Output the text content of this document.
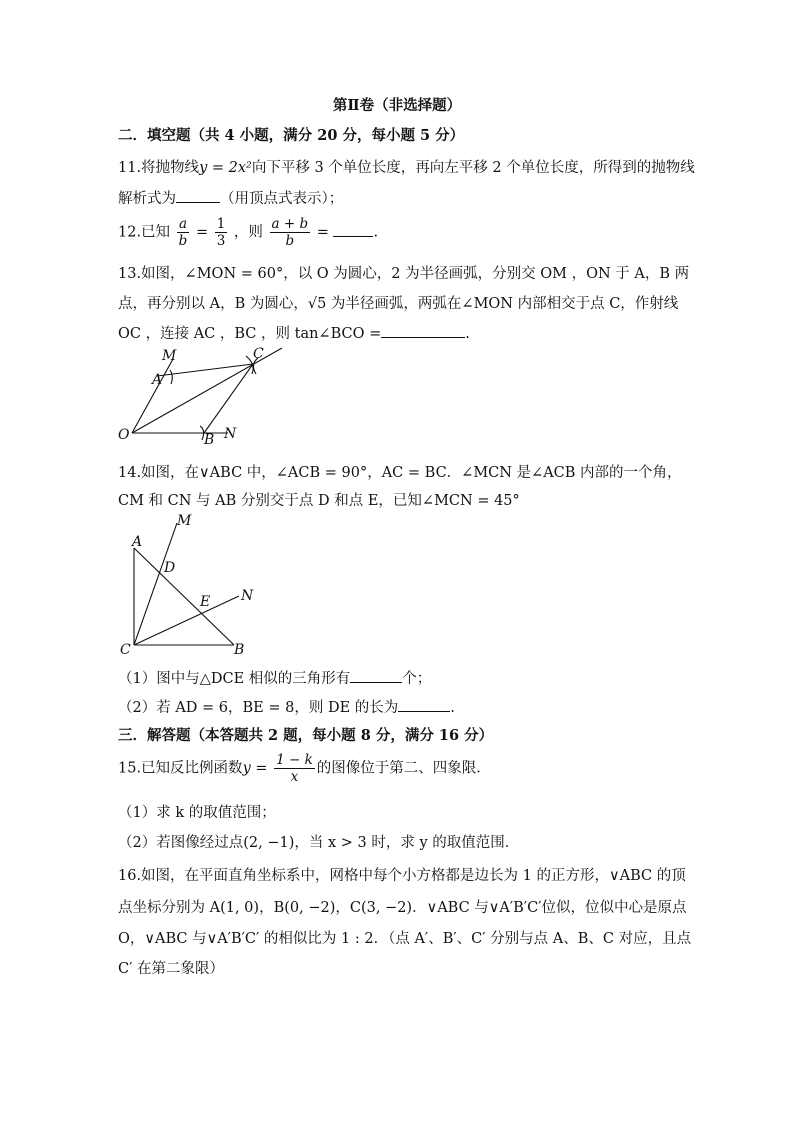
第Ⅱ卷（非选择题）
二．填空题（共 4 小题，满分 20 分，每小题 5 分）
11.将抛物线y = 2x²向下平移 3 个单位长度，再向左平移 2 个单位长度，所得到的抛物线
解析式为	（用顶点式表示）；
12.已知 $\frac{a}{b} = \frac{1}{3}$ ，则 $\frac{a + b}{b}$ =	.
13.如图，∠MON = 60°，以 O 为圆心，2 为半径画弧，分别交 OM ，ON 于 A，B 两
点，再分别以 A，B 为圆心，√5 为半径画弧，两弧在∠MON 内部相交于点 C，作射线
OC ，连接 AC ，BC ，则 tan∠BCO =	.
M	C
A
O	B N
14.如图，在∨ABC 中，∠ACB = 90°，AC = BC．∠MCN 是∠ACB 内部的一个角，
CM 和 CN 与 AB 分别交于点 D 和点 E，已知∠MCN = 45°
M
A
D
E N
C	B
（1）图中与△DCE 相似的三角形有	个；
（2）若 AD = 6，BE = 8，则 DE 的长为	.
三．解答题（本答题共 2 题，每小题 8 分，满分 16 分）
15.已知反比例函数$y = \frac{1 - k}{x}$ 的图像位于第二、四象限．
（1）求 k 的取值范围；
（2）若图像经过点(2, −1)，当 x > 3 时，求 y 的取值范围．
16.如图，在平面直角坐标系中，网格中每个小方格都是边长为 1 的正方形，∨ABC 的顶
点坐标分别为 A(1, 0)，B(0, −2)，C(3, −2)．∨ABC 与∨A′B′C′位似，位似中心是原点
O，∨ABC 与∨A′B′C′ 的相似比为 1 : 2．（点 A′、B′、C′ 分别与点 A、B、C 对应，且点
C′ 在第二象限）
